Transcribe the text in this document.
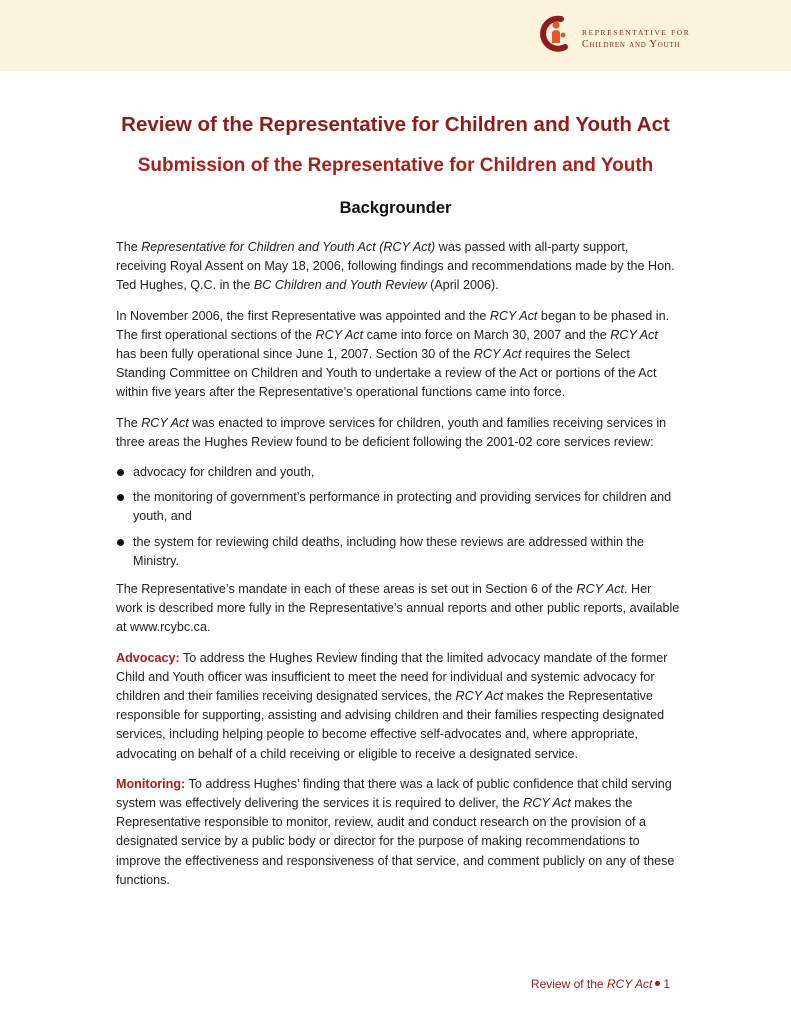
REPRESENTATIVE FOR
Children and Youth
Review of the Representative for Children and Youth Act
Submission of the Representative for Children and Youth
Backgrounder

The Representative for Children and Youth Act (RCY Act) was passed with all-party support, receiving Royal Assent on May 18, 2006, following findings and recommendations made by the Hon. Ted Hughes, Q.C. in the BC Children and Youth Review (April 2006).

In November 2006, the first Representative was appointed and the RCY Act began to be phased in. The first operational sections of the RCY Act came into force on March 30, 2007 and the RCY Act has been fully operational since June 1, 2007. Section 30 of the RCY Act requires the Select Standing Committee on Children and Youth to undertake a review of the Act or portions of the Act within five years after the Representative’s operational functions came into force.

The RCY Act was enacted to improve services for children, youth and families receiving services in three areas the Hughes Review found to be deficient following the 2001-02 core services review:

advocacy for children and youth,
the monitoring of government’s performance in protecting and providing services for children and youth, and
the system for reviewing child deaths, including how these reviews are addressed within the Ministry.

The Representative’s mandate in each of these areas is set out in Section 6 of the RCY Act. Her work is described more fully in the Representative’s annual reports and other public reports, available at www.rcybc.ca.

Advocacy: To address the Hughes Review finding that the limited advocacy mandate of the former Child and Youth officer was insufficient to meet the need for individual and systemic advocacy for children and their families receiving designated services, the RCY Act makes the Representative responsible for supporting, assisting and advising children and their families respecting designated services, including helping people to become effective self-advocates and, where appropriate, advocating on behalf of a child receiving or eligible to receive a designated service.

Monitoring: To address Hughes’ finding that there was a lack of public confidence that child serving system was effectively delivering the services it is required to deliver, the RCY Act makes the Representative responsible to monitor, review, audit and conduct research on the provision of a designated service by a public body or director for the purpose of making recommendations to improve the effectiveness and responsiveness of that service, and comment publicly on any of these functions.

Review of the RCY Act 1
